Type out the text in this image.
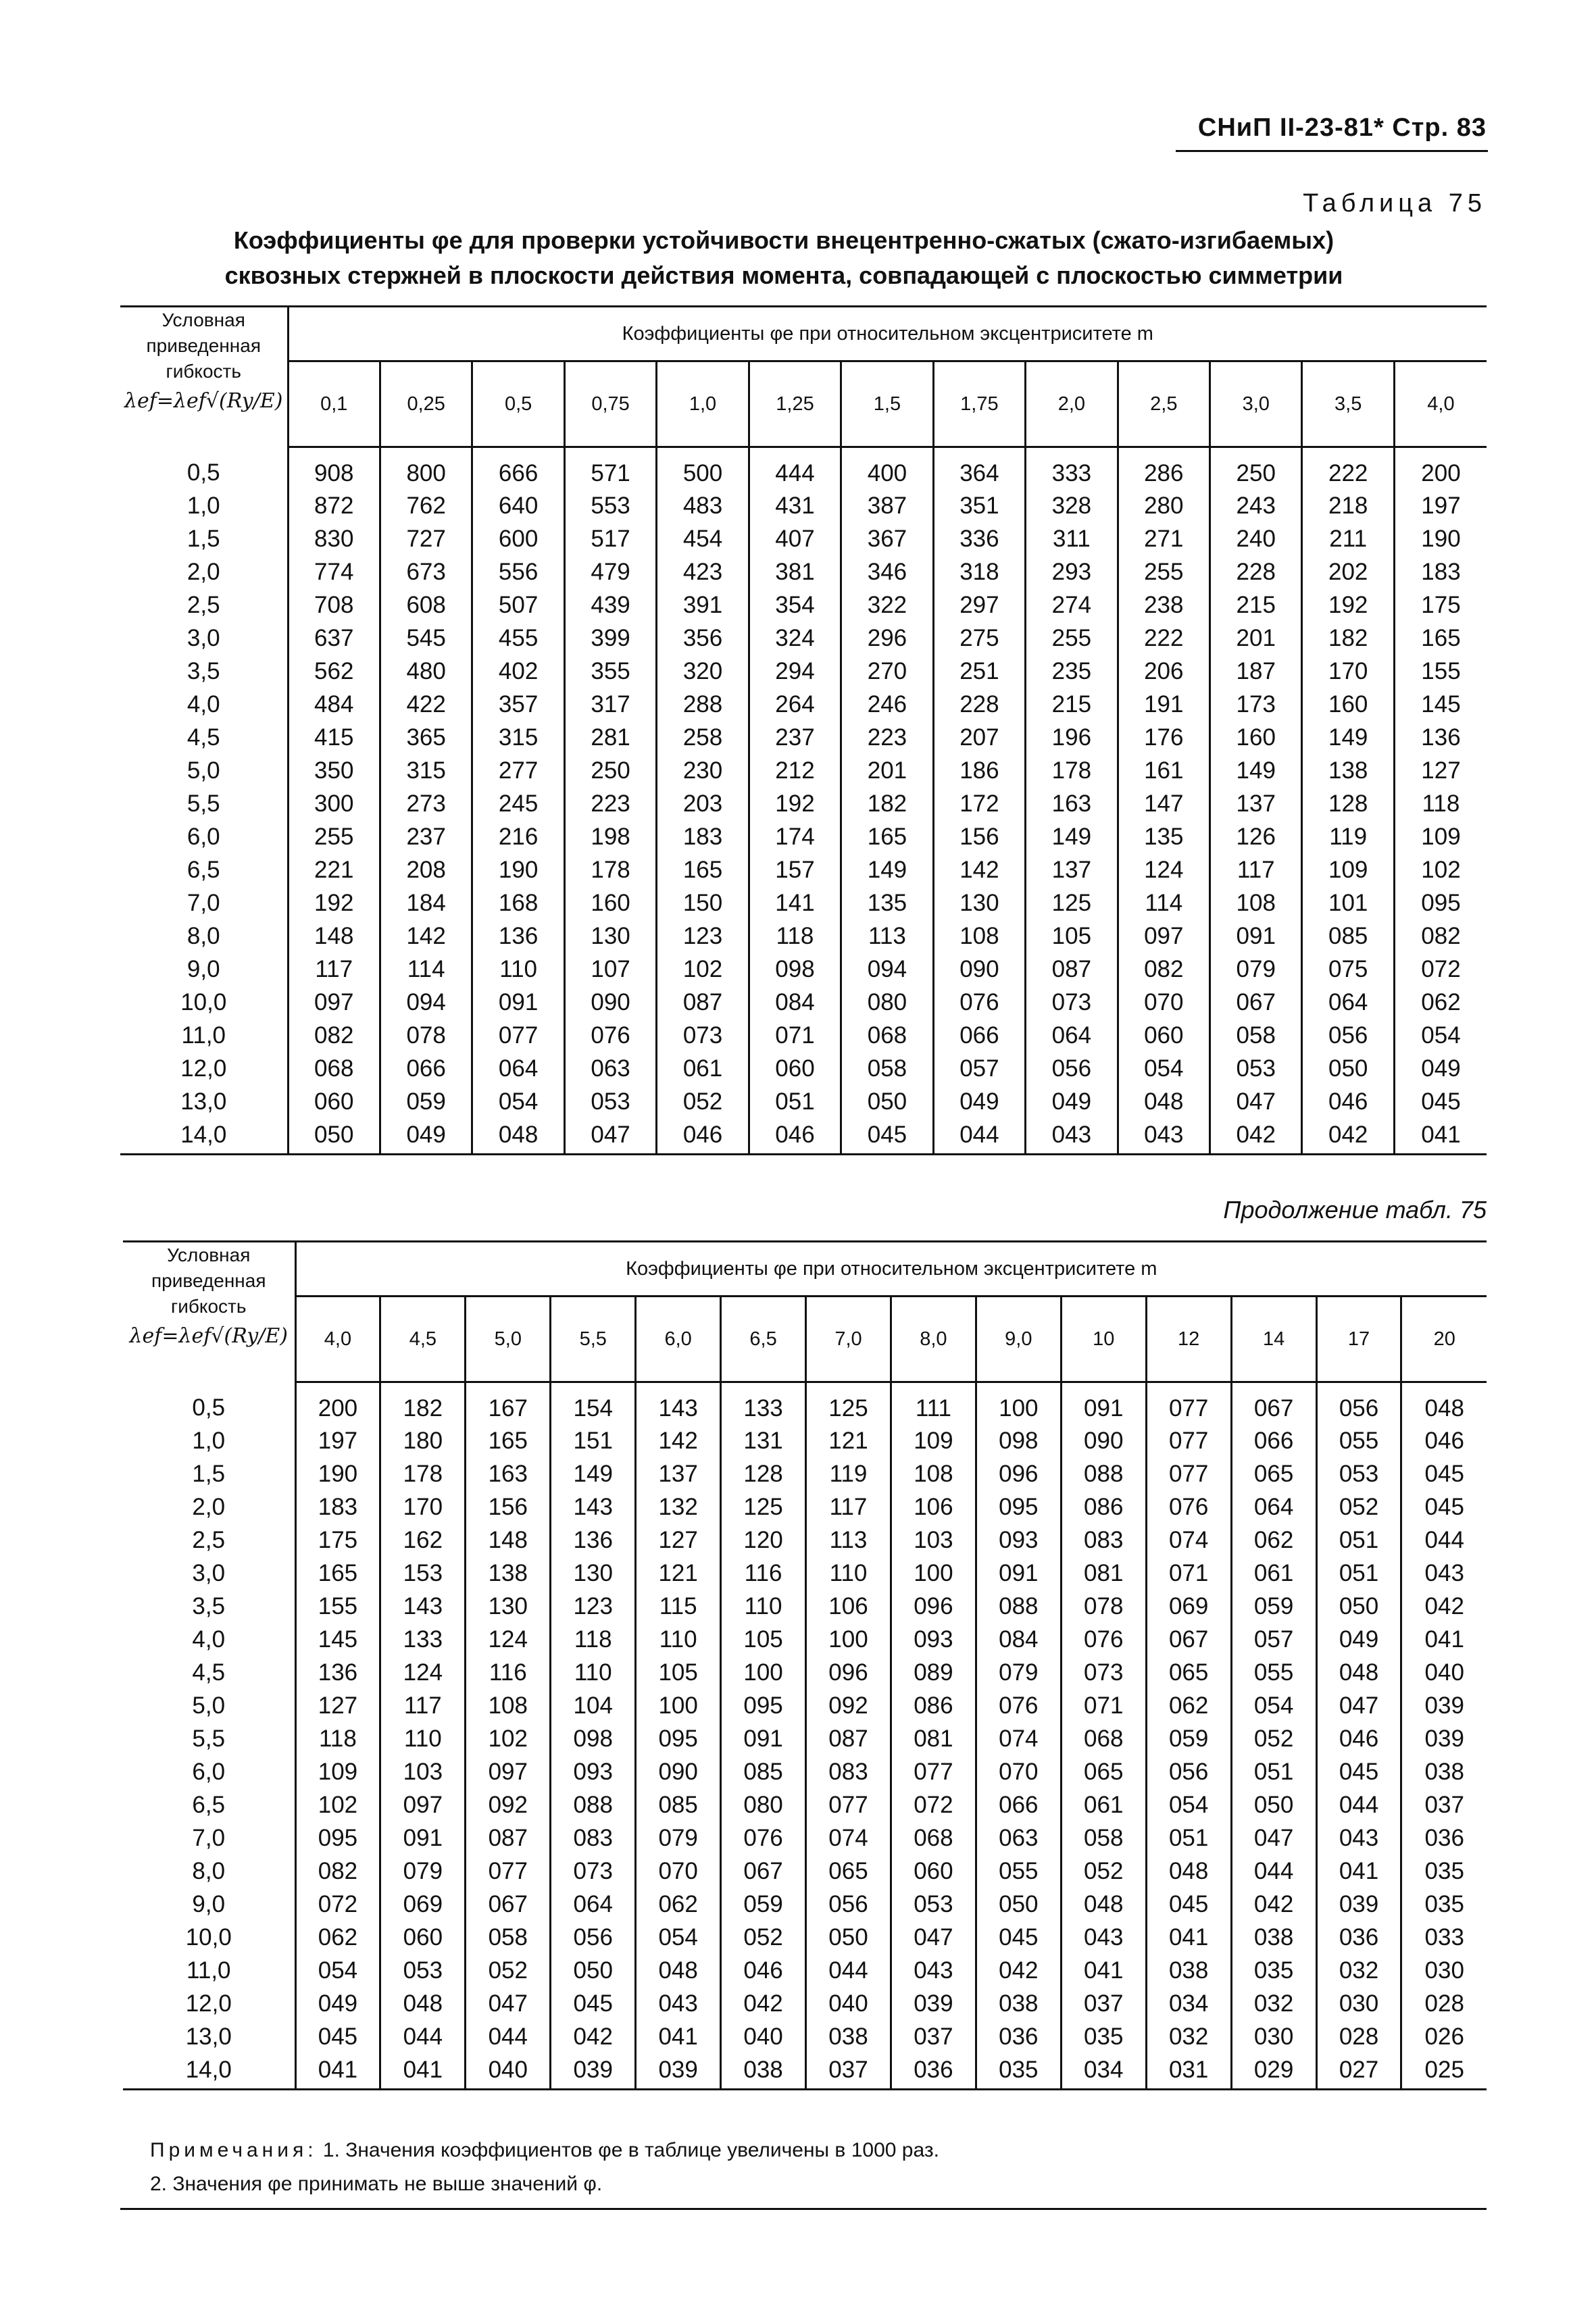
СНиП II-23-81* Стр. 83
Таблица 75
Коэффициенты φe для проверки устойчивости внецентренно-сжатых (сжато-изгибаемых)
сквозных стержней в плоскости действия момента, совпадающей с плоскостью симметрии
Условная
приведенная
гибкость
λef=λef√(Ry/E)	Коэффициенты φe при относительном эксцентриситете m												
	0,1	0,25	0,5	0,75	1,0	1,25	1,5	1,75	2,0	2,5	3,0	3,5	4,0
0,5	908	800	666	571	500	444	400	364	333	286	250	222	200
1,0	872	762	640	553	483	431	387	351	328	280	243	218	197
1,5	830	727	600	517	454	407	367	336	311	271	240	211	190
2,0	774	673	556	479	423	381	346	318	293	255	228	202	183
2,5	708	608	507	439	391	354	322	297	274	238	215	192	175
3,0	637	545	455	399	356	324	296	275	255	222	201	182	165
3,5	562	480	402	355	320	294	270	251	235	206	187	170	155
4,0	484	422	357	317	288	264	246	228	215	191	173	160	145
4,5	415	365	315	281	258	237	223	207	196	176	160	149	136
5,0	350	315	277	250	230	212	201	186	178	161	149	138	127
5,5	300	273	245	223	203	192	182	172	163	147	137	128	118
6,0	255	237	216	198	183	174	165	156	149	135	126	119	109
6,5	221	208	190	178	165	157	149	142	137	124	117	109	102
7,0	192	184	168	160	150	141	135	130	125	114	108	101	095
8,0	148	142	136	130	123	118	113	108	105	097	091	085	082
9,0	117	114	110	107	102	098	094	090	087	082	079	075	072
10,0	097	094	091	090	087	084	080	076	073	070	067	064	062
11,0	082	078	077	076	073	071	068	066	064	060	058	056	054
12,0	068	066	064	063	061	060	058	057	056	054	053	050	049
13,0	060	059	054	053	052	051	050	049	049	048	047	046	045
14,0	050	049	048	047	046	046	045	044	043	043	042	042	041
Продолжение табл. 75
Условная
приведенная
гибкость
λef=λef√(Ry/E)	Коэффициенты φe при относительном эксцентриситете m													
	4,0	4,5	5,0	5,5	6,0	6,5	7,0	8,0	9,0	10	12	14	17	20
0,5	200	182	167	154	143	133	125	111	100	091	077	067	056	048
1,0	197	180	165	151	142	131	121	109	098	090	077	066	055	046
1,5	190	178	163	149	137	128	119	108	096	088	077	065	053	045
2,0	183	170	156	143	132	125	117	106	095	086	076	064	052	045
2,5	175	162	148	136	127	120	113	103	093	083	074	062	051	044
3,0	165	153	138	130	121	116	110	100	091	081	071	061	051	043
3,5	155	143	130	123	115	110	106	096	088	078	069	059	050	042
4,0	145	133	124	118	110	105	100	093	084	076	067	057	049	041
4,5	136	124	116	110	105	100	096	089	079	073	065	055	048	040
5,0	127	117	108	104	100	095	092	086	076	071	062	054	047	039
5,5	118	110	102	098	095	091	087	081	074	068	059	052	046	039
6,0	109	103	097	093	090	085	083	077	070	065	056	051	045	038
6,5	102	097	092	088	085	080	077	072	066	061	054	050	044	037
7,0	095	091	087	083	079	076	074	068	063	058	051	047	043	036
8,0	082	079	077	073	070	067	065	060	055	052	048	044	041	035
9,0	072	069	067	064	062	059	056	053	050	048	045	042	039	035
10,0	062	060	058	056	054	052	050	047	045	043	041	038	036	033
11,0	054	053	052	050	048	046	044	043	042	041	038	035	032	030
12,0	049	048	047	045	043	042	040	039	038	037	034	032	030	028
13,0	045	044	044	042	041	040	038	037	036	035	032	030	028	026
14,0	041	041	040	039	039	038	037	036	035	034	031	029	027	025
Примечания: 1. Значения коэффициентов φe в таблице увеличены в 1000 раз.
2. Значения φe принимать не выше значений φ.
